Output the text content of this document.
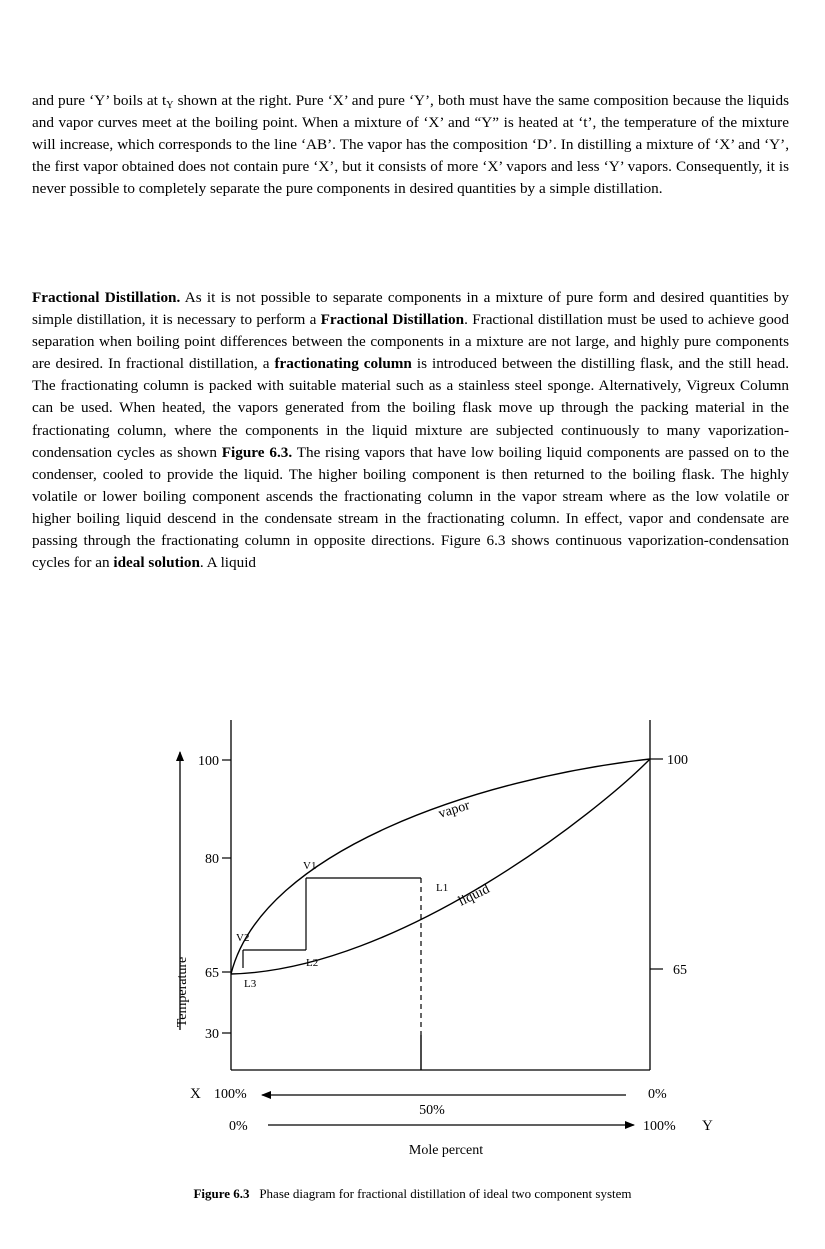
and pure ‘Y’ boils at $t_Y$ shown at the right. Pure ‘X’ and pure ‘Y’, both must have the same composition because the liquids and vapor curves meet at the boiling point. When a mixture of ‘X’ and “Y” is heated at ‘t’, the temperature of the mixture will increase, which corresponds to the line ‘AB’. The vapor has the composition ‘D’. In distilling a mixture of ‘X’ and ‘Y’, the first vapor obtained does not contain pure ‘X’, but it consists of more ‘X’ vapors and less ‘Y’ vapors. Consequently, it is never possible to completely separate the pure components in desired quantities by a simple distillation.

Fractional Distillation. As it is not possible to separate components in a mixture of pure form and desired quantities by simple distillation, it is necessary to perform a Fractional Distillation. Fractional distillation must be used to achieve good separation when boiling point differences between the components in a mixture are not large, and highly pure components are desired. In fractional distillation, a fractionating column is introduced between the distilling flask, and the still head. The fractionating column is packed with suitable material such as a stainless steel sponge. Alternatively, Vigreux Column can be used. When heated, the vapors generated from the boiling flask move up through the packing material in the fractionating column, where the components in the liquid mixture are subjected continuously to many vaporization-condensation cycles as shown Figure 6.3. The rising vapors that have low boiling liquid components are passed on to the condenser, cooled to provide the liquid. The higher boiling component is then returned to the boiling flask. The highly volatile or lower boiling component ascends the fractionating column in the vapor stream where as the low volatile or higher boiling liquid descend in the condensate stream in the fractionating column. In effect, vapor and condensate are passing through the fractionating column in opposite directions. Figure 6.3 shows continuous vaporization-condensation cycles for an ideal solution. A liquid

100
80
65
30
100
65
vapor
liquid
V1
V2
L1
L2
L3
Temperature
X 100%	0%
50%
0%	100% Y
Mole percent
Figure 6.3   Phase diagram for fractional distillation of ideal two component system
